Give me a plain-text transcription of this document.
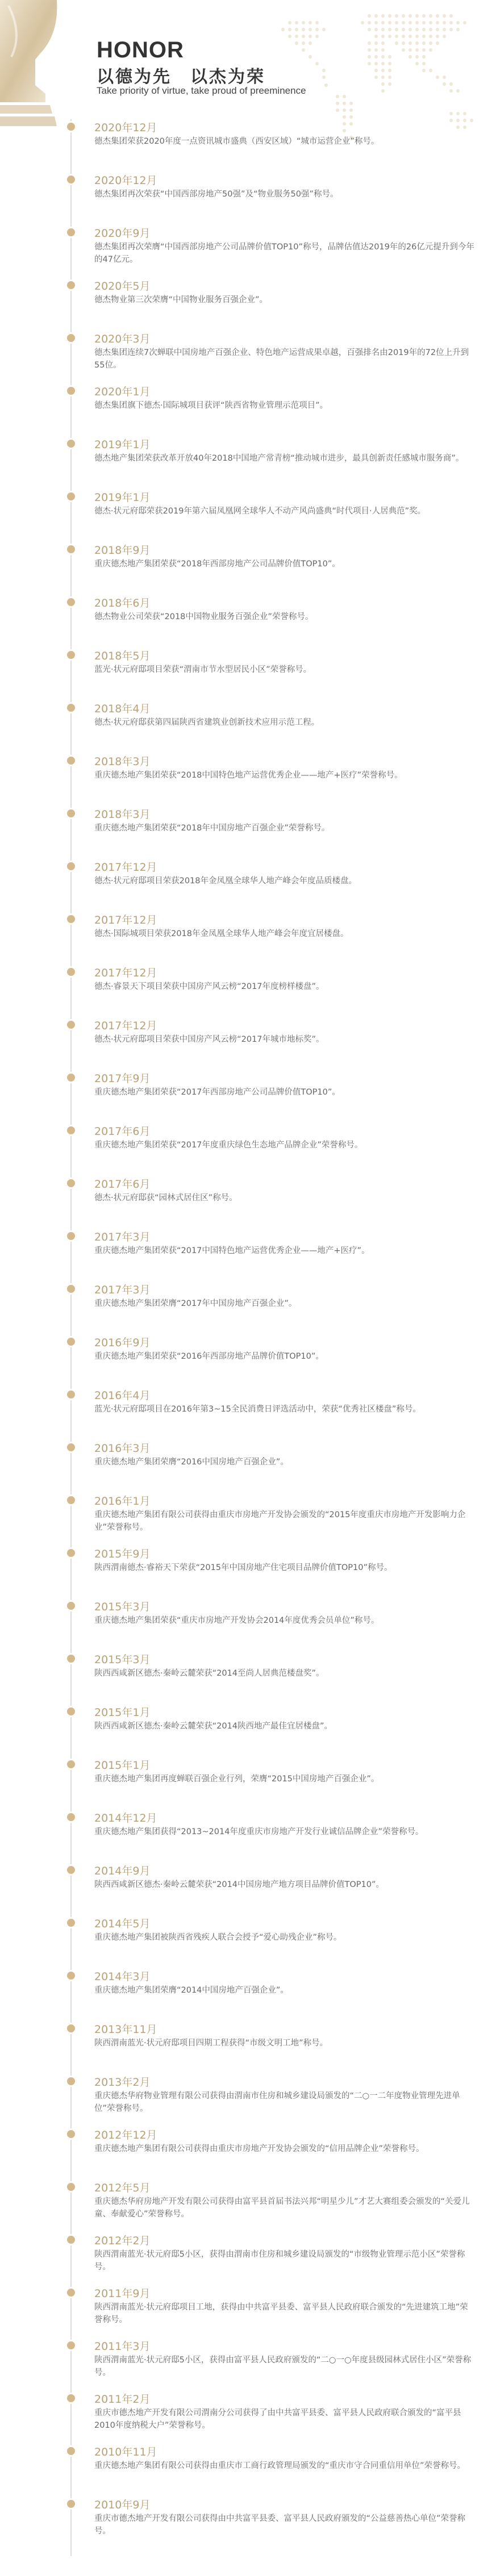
HONOR
以德为先　以杰为荣

Take priority of virtue, take proud of preeminence

2020年12月
德杰集团荣获2020年度一点资讯城市盛典（西安区域）“城市运营企业”称号。
2020年12月
德杰集团再次荣获“中国西部房地产50强”及“物业服务50强”称号。
2020年9月
德杰集团再次荣膺“中国西部房地产公司品牌价值TOP10”称号，品牌估值达2019年的26亿元提升到今年的47亿元。
2020年5月
德杰物业第三次荣膺“中国物业服务百强企业”。
2020年3月
德杰集团连续7次蝉联中国房地产百强企业、特色地产运营成果卓越，百强排名由2019年的72位上升到55位。
2020年1月
德杰集团旗下德杰·国际城项目获评“陕西省物业管理示范项目”。
2019年1月
德杰地产集团荣获改革开放40年2018中国地产常青榜“推动城市进步，最具创新责任感城市服务商”。
2019年1月
德杰·状元府邸荣获2019年第六届凤凰网全球华人不动产风尚盛典“时代项目·人居典范”奖。
2018年9月
重庆德杰地产集团荣获“2018年西部房地产公司品牌价值TOP10”。
2018年6月
德杰物业公司荣获“2018中国物业服务百强企业”荣誉称号。
2018年5月
蓝光·状元府邸项目荣获“渭南市节水型居民小区”荣誉称号。
2018年4月
德杰·状元府邸获第四届陕西省建筑业创新技术应用示范工程。
2018年3月
重庆德杰地产集团荣获“2018中国特色地产运营优秀企业——地产+医疗”荣誉称号。
2018年3月
重庆德杰地产集团荣获“2018年中国房地产百强企业”荣誉称号。
2017年12月
德杰·状元府邸项目荣获2018年金凤凰全球华人地产峰会年度品质楼盘。
2017年12月
德杰·国际城项目荣获2018年金凤凰全球华人地产峰会年度宜居楼盘。
2017年12月
德杰·睿景天下项目荣获中国房产风云榜“2017年度榜样楼盘”。
2017年12月
德杰·状元府邸项目荣获中国房产风云榜“2017年城市地标奖”。
2017年9月
重庆德杰地产集团荣获“2017年西部房地产公司品牌价值TOP10”。
2017年6月
重庆德杰地产集团荣获“2017年度重庆绿色生态地产品牌企业”荣誉称号。
2017年6月
德杰·状元府邸获“园林式居住区”称号。
2017年3月
重庆德杰地产集团荣获“2017中国特色地产运营优秀企业——地产+医疗”。
2017年3月
重庆德杰地产集团荣膺“2017年中国房地产百强企业”。
2016年9月
重庆德杰地产集团荣获“2016年西部房地产品牌价值TOP10”。
2016年4月
蓝光·状元府邸项目在2016年第3~15全民消费日评选活动中，荣获“优秀社区楼盘”称号。
2016年3月
重庆德杰地产集团荣膺“2016中国房地产百强企业”。
2016年1月
重庆德杰地产集团有限公司获得由重庆市房地产开发协会颁发的“2015年度重庆市房地产开发影响力企业”荣誉称号。
2015年9月
陕西渭南德杰·睿裕天下荣获“2015年中国房地产住宅项目品牌价值TOP10”称号。
2015年3月
重庆德杰地产集团荣获“重庆市房地产开发协会2014年度优秀会员单位”称号。
2015年3月
陕西西咸新区德杰·秦岭云麓荣获“2014至尚人居典范楼盘奖”。
2015年1月
陕西西咸新区德杰·秦岭云麓荣获“2014陕西地产最佳宜居楼盘”。
2015年1月
重庆德杰地产集团再度蝉联百强企业行列，荣膺“2015中国房地产百强企业”。
2014年12月
重庆德杰地产集团获得“2013~2014年度重庆市房地产开发行业诚信品牌企业”荣誉称号。
2014年9月
陕西西咸新区德杰·秦岭云麓荣获“2014中国房地产地方项目品牌价值TOP10”。
2014年5月
重庆德杰地产集团被陕西省残疾人联合会授予“爱心助残企业”称号。
2014年3月
重庆德杰地产集团荣膺“2014中国房地产百强企业”。
2013年11月
陕西渭南蓝光·状元府邸项目四期工程获得“市级文明工地”称号。
2013年2月
重庆德杰华府物业管理有限公司获得由渭南市住房和城乡建设局颁发的“二○一二年度物业管理先进单位”荣誉称号。
2012年12月
重庆德杰地产集团有限公司获得由重庆市房地产开发协会颁发的“信用品牌企业”荣誉称号。
2012年5月
重庆德杰华府房地产开发有限公司获得由富平县首届书法兴邦“明星少儿”才艺大赛组委会颁发的“关爱儿童、奉献爱心”荣誉称号。
2012年2月
陕西渭南蓝光·状元府邸5小区，获得由渭南市住房和城乡建设局颁发的“市级物业管理示范小区”荣誉称号。
2011年9月
陕西渭南蓝光·状元府邸项目工地，获得由中共富平县委、富平县人民政府联合颁发的“先进建筑工地”荣誉称号。
2011年3月
陕西渭南蓝光·状元府邸5小区，获得由富平县人民政府颁发的“二○一○年度县级园林式居住小区”荣誉称号。
2011年2月
重庆市德杰地产开发有限公司渭南分公司获得了由中共富平县委、富平县人民政府联合颁发的“富平县2010年度纳税大户”荣誉称号。
2010年11月
重庆德杰地产集团有限公司获得由重庆市工商行政管理局颁发的“重庆市守合同重信用单位”荣誉称号。
2010年9月
重庆市德杰地产开发有限公司获得由中共富平县委、富平县人民政府颁发的“公益慈善热心单位”荣誉称号。
